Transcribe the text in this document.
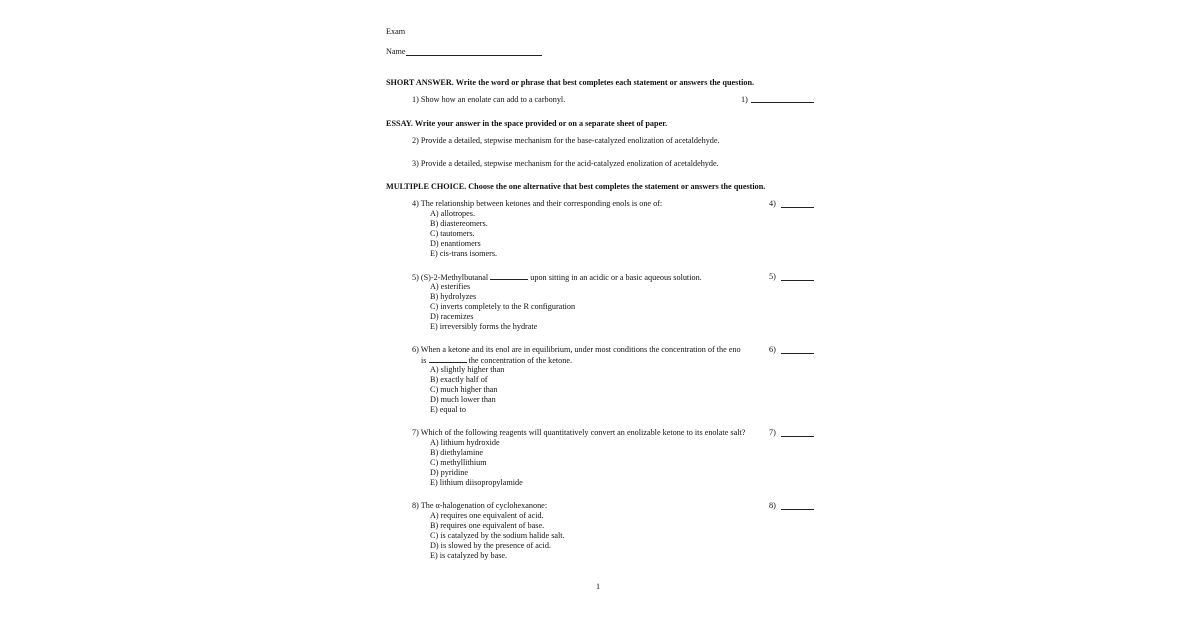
Exam
Name
SHORT ANSWER. Write the word or phrase that best completes each statement or answers the question.
1) Show how an enolate can add to a carbonyl.	1)
ESSAY. Write your answer in the space provided or on a separate sheet of paper.
2) Provide a detailed, stepwise mechanism for the base-catalyzed enolization of acetaldehyde.
3) Provide a detailed, stepwise mechanism for the acid-catalyzed enolization of acetaldehyde.
MULTIPLE CHOICE. Choose the one alternative that best completes the statement or answers the question.
4) The relationship between ketones and their corresponding enols is one of:	4)
A) allotropes.
B) diastereomers.
C) tautomers.
D) enantiomers
E) cis-trans isomers.
5) (S)-2-Methylbutanal	upon sitting in an acidic or a basic aqueous solution.	5)
A) esterifies
B) hydrolyzes
C) inverts completely to the R configuration
D) racemizes
E) irreversibly forms the hydrate
6) When a ketone and its enol are in equilibrium, under most conditions the concentration of the eno	6)
is	the concentration of the ketone.
A) slightly higher than
B) exactly half of
C) much higher than
D) much lower than
E) equal to
7) Which of the following reagents will quantitatively convert an enolizable ketone to its enolate salt?	7)
A) lithium hydroxide
B) diethylamine
C) methyllithium
D) pyridine
E) lithium diisopropylamide
8) The α-halogenation of cyclohexanone:	8)
A) requires one equivalent of acid.
B) requires one equivalent of base.
C) is catalyzed by the sodium halide salt.
D) is slowed by the presence of acid.
E) is catalyzed by base.
1
